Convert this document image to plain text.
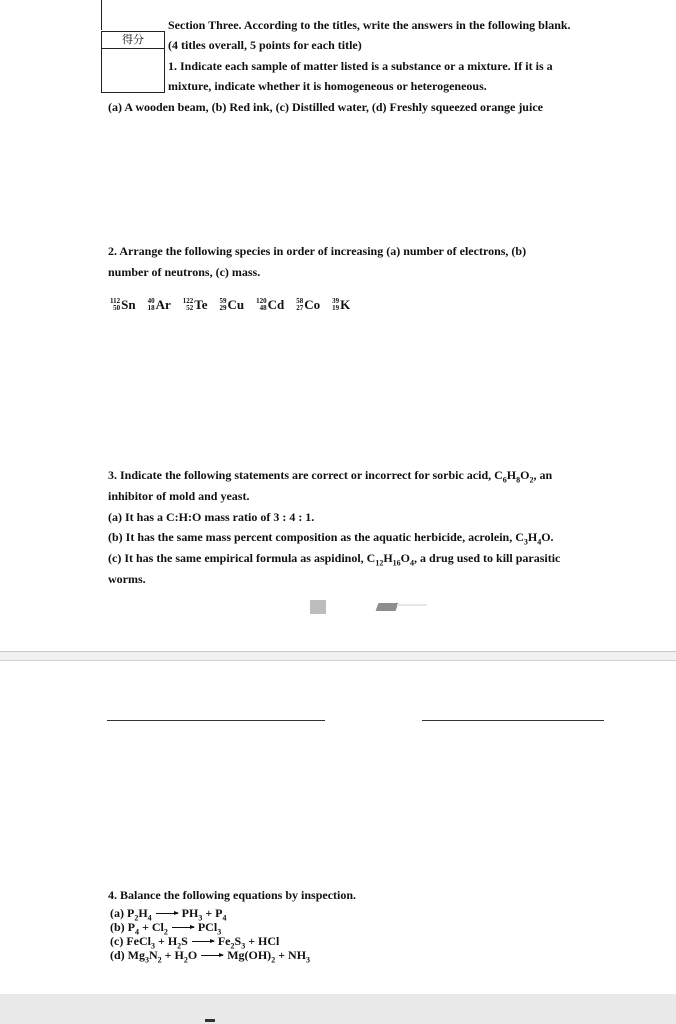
得分
Section Three. According to the titles, write the answers in the following blank.
(4 titles overall, 5 points for each title)
1. Indicate each sample of matter listed is a substance or a mixture. If it is a
mixture, indicate whether it is homogeneous or heterogeneous.
(a) A wooden beam, (b) Red ink, (c) Distilled water, (d) Freshly squeezed orange juice
2. Arrange the following species in order of increasing (a) number of electrons, (b)
number of neutrons, (c) mass.
112
50 Sn
40
18 Ar
122
52 Te
59
29 Cu
120
48 Cd
58
27 Co
39
19 K
3. Indicate the following statements are correct or incorrect for sorbic acid, $C_6H_8O_2$, an
inhibitor of mold and yeast.
(a) It has a C:H:O mass ratio of 3 : 4 : 1.
(b) It has the same mass percent composition as the aquatic herbicide, acrolein, $C_3H_4O$.
(c) It has the same empirical formula as aspidinol, $C_{12}H_{16}O_4$, a drug used to kill parasitic
worms.
4. Balance the following equations by inspection.
(a) $P_2H_4$	$PH_3 + P_4$
(b) $P_4 + Cl_2$	PCl$_3$
(c) FeCl$_3$ + $H_2S$	$Fe_2S_3$ + HCl
(d) $Mg_3N_2 + H_2O$	$Mg(OH)_2 + NH_3$
